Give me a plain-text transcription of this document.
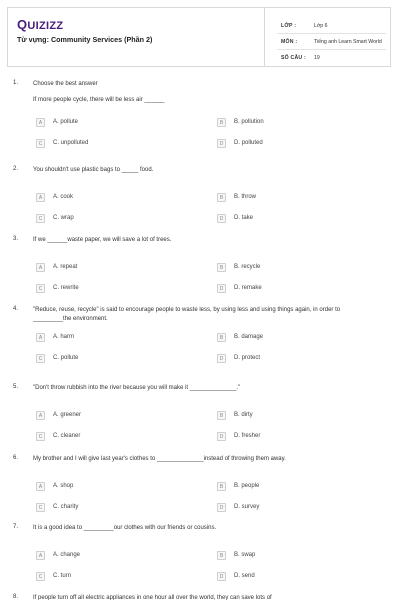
QUIZIZZ
Từ vựng: Community Services (Phần 2)
LỚP :	Lớp 6
MÔN :	Tiếng anh Learn Smart World
SỐ CÂU : 19
1. Choose the best answer
If more people cycle, there will be less air ______
A	A. pollute	B	B. pollution
C	C. unpolluted	D	D. polluted
2. You shouldn't use plastic bags to _____ food.
A	A. cook	B	B. throw
C	C. wrap	D	D. take
3. If we ______waste paper, we will save a lot of trees.
A	A. repeat	B	B. recycle
C	C. rewrite	D	D. remake
4. "Reduce, reuse, recycle" is said to encourage people to waste less, by using less and using things again, in order to
_________the environment.
A	A. harm	B	B. damage
C	C. pollute	D	D. protect
5. "Don't throw rubbish into the river because you will make it ______________."
A	A. greener	B	B. dirty
C	C. cleaner	D	D. fresher
6. My brother and I will give last year's clothes to ______________instead of throwing them away.
A	A. shop	B	B. people
C	C. charity	D	D. survey
7. It is a good idea to _________our clothes with our friends or cousins.
A	A. change	B	B. swap
C	C. turn	D	D. send
8. If people turn off all electric appliances in one hour all over the world, they can save lots of
